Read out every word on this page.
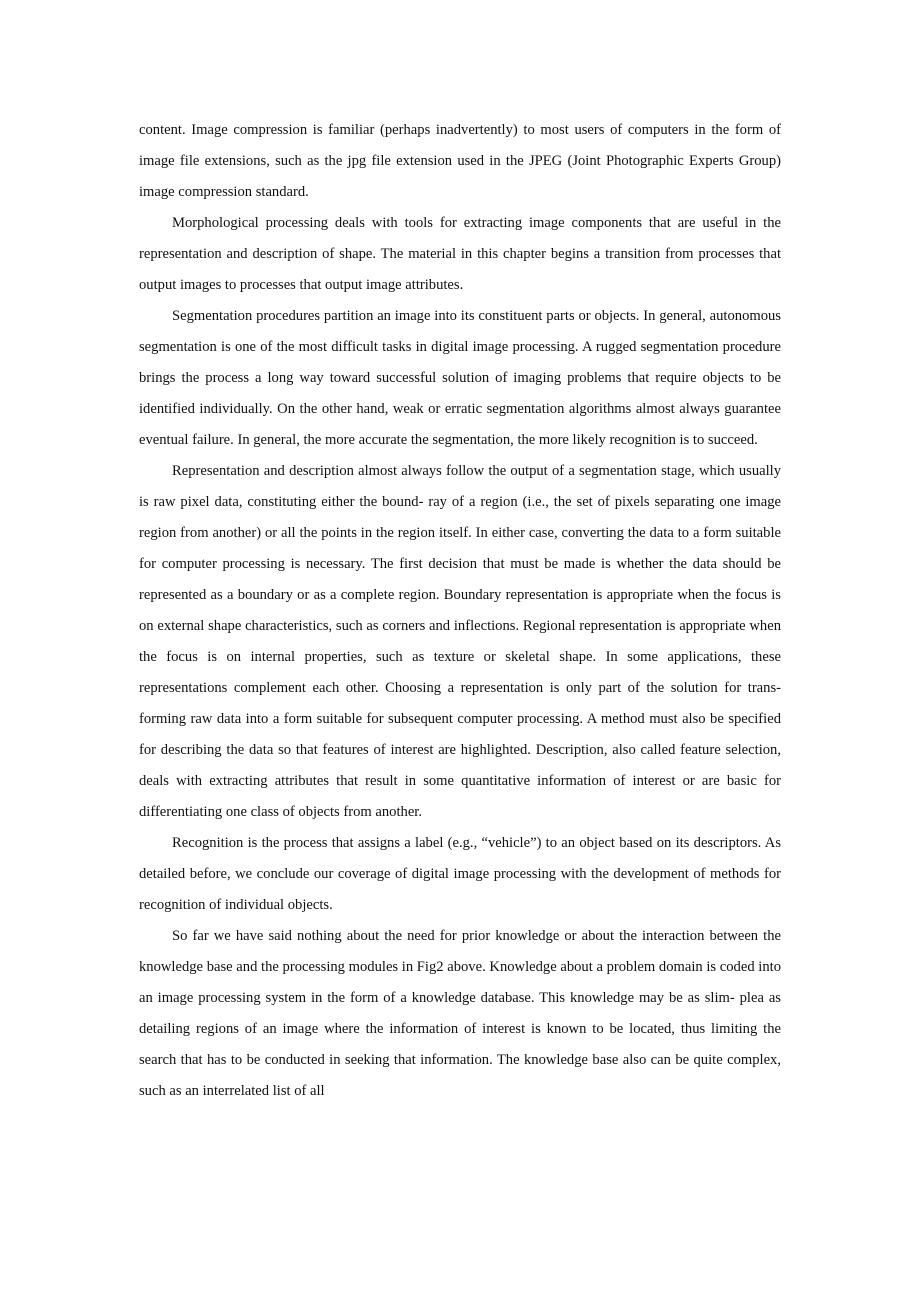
content. Image compression is familiar (perhaps inadvertently) to most users of computers in the form of image file extensions, such as the jpg file extension used in the JPEG (Joint Photographic Experts Group) image compression standard.

Morphological processing deals with tools for extracting image components that are useful in the representation and description of shape. The material in this chapter begins a transition from processes that output images to processes that output image attributes.

Segmentation procedures partition an image into its constituent parts or objects. In general, autonomous segmentation is one of the most difficult tasks in digital image processing. A rugged segmentation procedure brings the process a long way toward successful solution of imaging problems that require objects to be identified individually. On the other hand, weak or erratic segmentation algorithms almost always guarantee eventual failure. In general, the more accurate the segmentation, the more likely recognition is to succeed.

Representation and description almost always follow the output of a segmentation stage, which usually is raw pixel data, constituting either the bound- ray of a region (i.e., the set of pixels separating one image region from another) or all the points in the region itself. In either case, converting the data to a form suitable for computer processing is necessary. The first decision that must be made is whether the data should be represented as a boundary or as a complete region. Boundary representation is appropriate when the focus is on external shape characteristics, such as corners and inflections. Regional representation is appropriate when the focus is on internal properties, such as texture or skeletal shape. In some applications, these representations complement each other. Choosing a representation is only part of the solution for trans- forming raw data into a form suitable for subsequent computer processing. A method must also be specified for describing the data so that features of interest are highlighted. Description, also called feature selection, deals with extracting attributes that result in some quantitative information of interest or are basic for differentiating one class of objects from another.

Recognition is the process that assigns a label (e.g., “vehicle”) to an object based on its descriptors. As detailed before, we conclude our coverage of digital image processing with the development of methods for recognition of individual objects.

So far we have said nothing about the need for prior knowledge or about the interaction between the knowledge base and the processing modules in Fig2 above. Knowledge about a problem domain is coded into an image processing system in the form of a knowledge database. This knowledge may be as slim- plea as detailing regions of an image where the information of interest is known to be located, thus limiting the search that has to be conducted in seeking that information. The knowledge base also can be quite complex, such as an interrelated list of all
